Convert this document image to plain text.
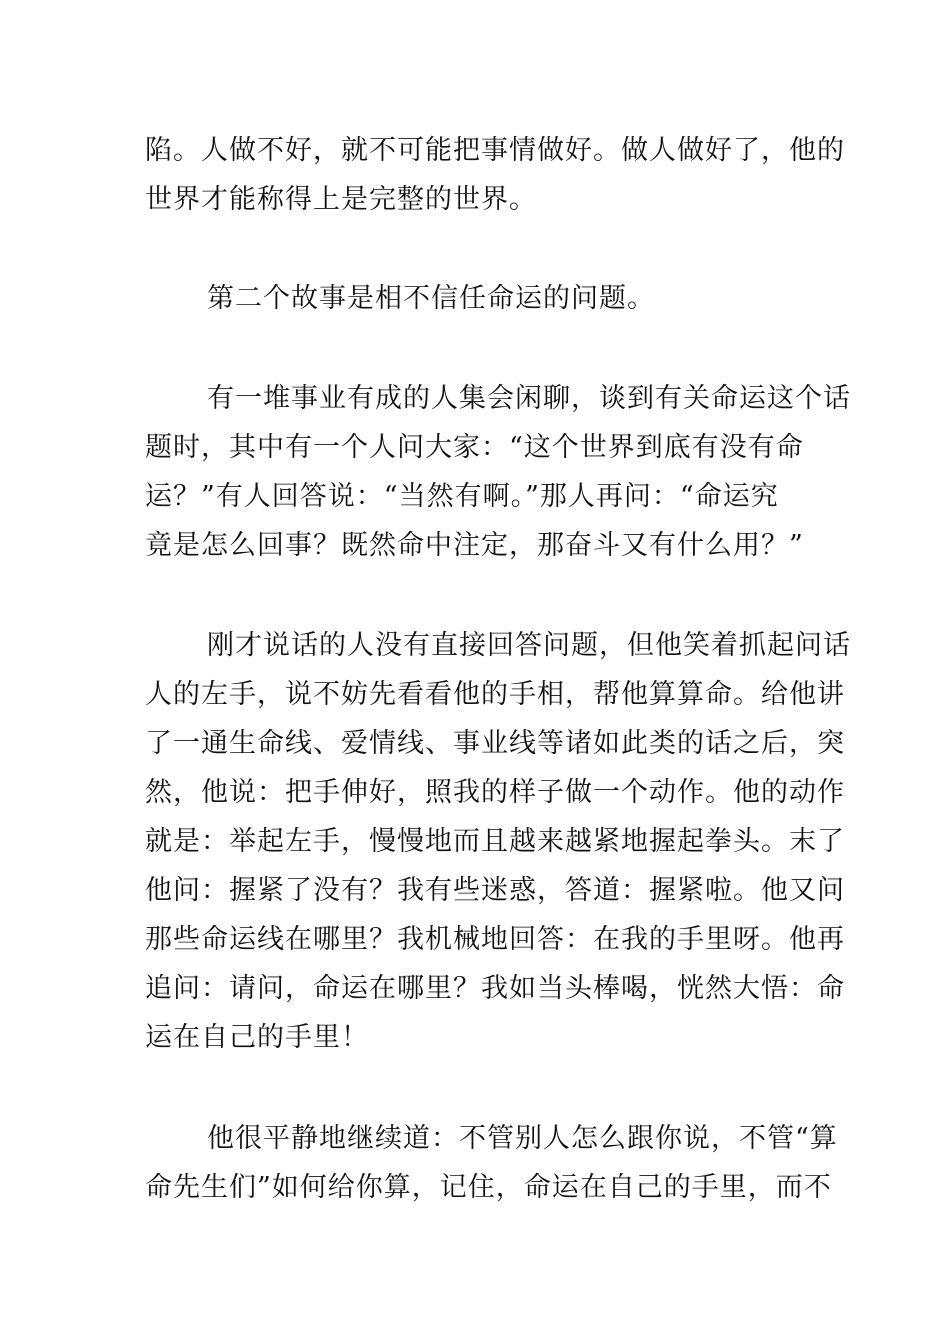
陷。人做不好，就不可能把事情做好。做人做好了，他的
世界才能称得上是完整的世界。
第二个故事是相不信任命运的问题。
有一堆事业有成的人集会闲聊，谈到有关命运这个话
题时，其中有一个人问大家：“这个世界到底有没有命
运？”有人回答说：“当然有啊。”那人再问：“命运究
竟是怎么回事？既然命中注定，那奋斗又有什么用？”
刚才说话的人没有直接回答问题，但他笑着抓起问话
人的左手，说不妨先看看他的手相，帮他算算命。给他讲
了一通生命线、爱情线、事业线等诸如此类的话之后，突
然，他说：把手伸好，照我的样子做一个动作。他的动作
就是：举起左手，慢慢地而且越来越紧地握起拳头。末了
他问：握紧了没有？我有些迷惑，答道：握紧啦。他又问
那些命运线在哪里？我机械地回答：在我的手里呀。他再
追问：请问，命运在哪里？我如当头棒喝，恍然大悟：命
运在自己的手里！
他很平静地继续道：不管别人怎么跟你说，不管“算
命先生们”如何给你算，记住，命运在自己的手里，而不
